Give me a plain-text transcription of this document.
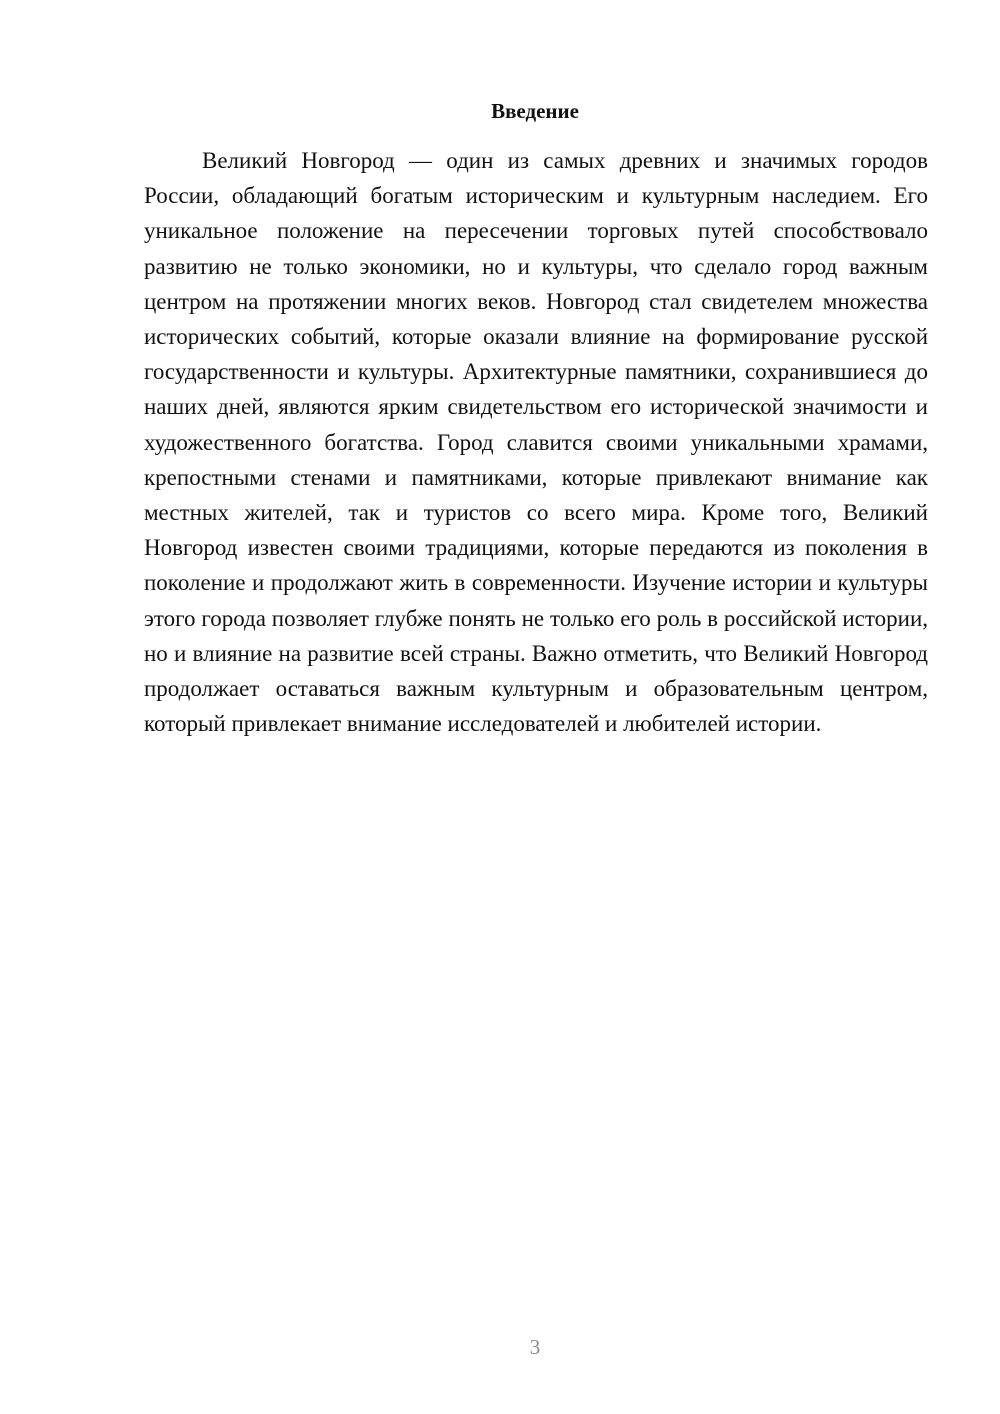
Введение

Великий Новгород — один из самых древних и значимых городов России, обладающий богатым историческим и культурным наследием. Его уникальное положение на пересечении торговых путей способствовало развитию не только экономики, но и культуры, что сделало город важным центром на протяжении многих веков. Новгород стал свидетелем множества исторических событий, которые оказали влияние на формирование русской государственности и культуры. Архитектурные памятники, сохранившиеся до наших дней, являются ярким свидетельством его исторической значимости и художественного богатства. Город славится своими уникальными храмами, крепостными стенами и памятниками, которые привлекают внимание как местных жителей, так и туристов со всего мира. Кроме того, Великий Новгород известен своими традициями, которые передаются из поколения в поколение и продолжают жить в современности. Изучение истории и культуры этого города позволяет глубже понять не только его роль в российской истории, но и влияние на развитие всей страны. Важно отметить, что Великий Новгород продолжает оставаться важным культурным и образовательным центром, который привлекает внимание исследователей и любителей истории.

3
